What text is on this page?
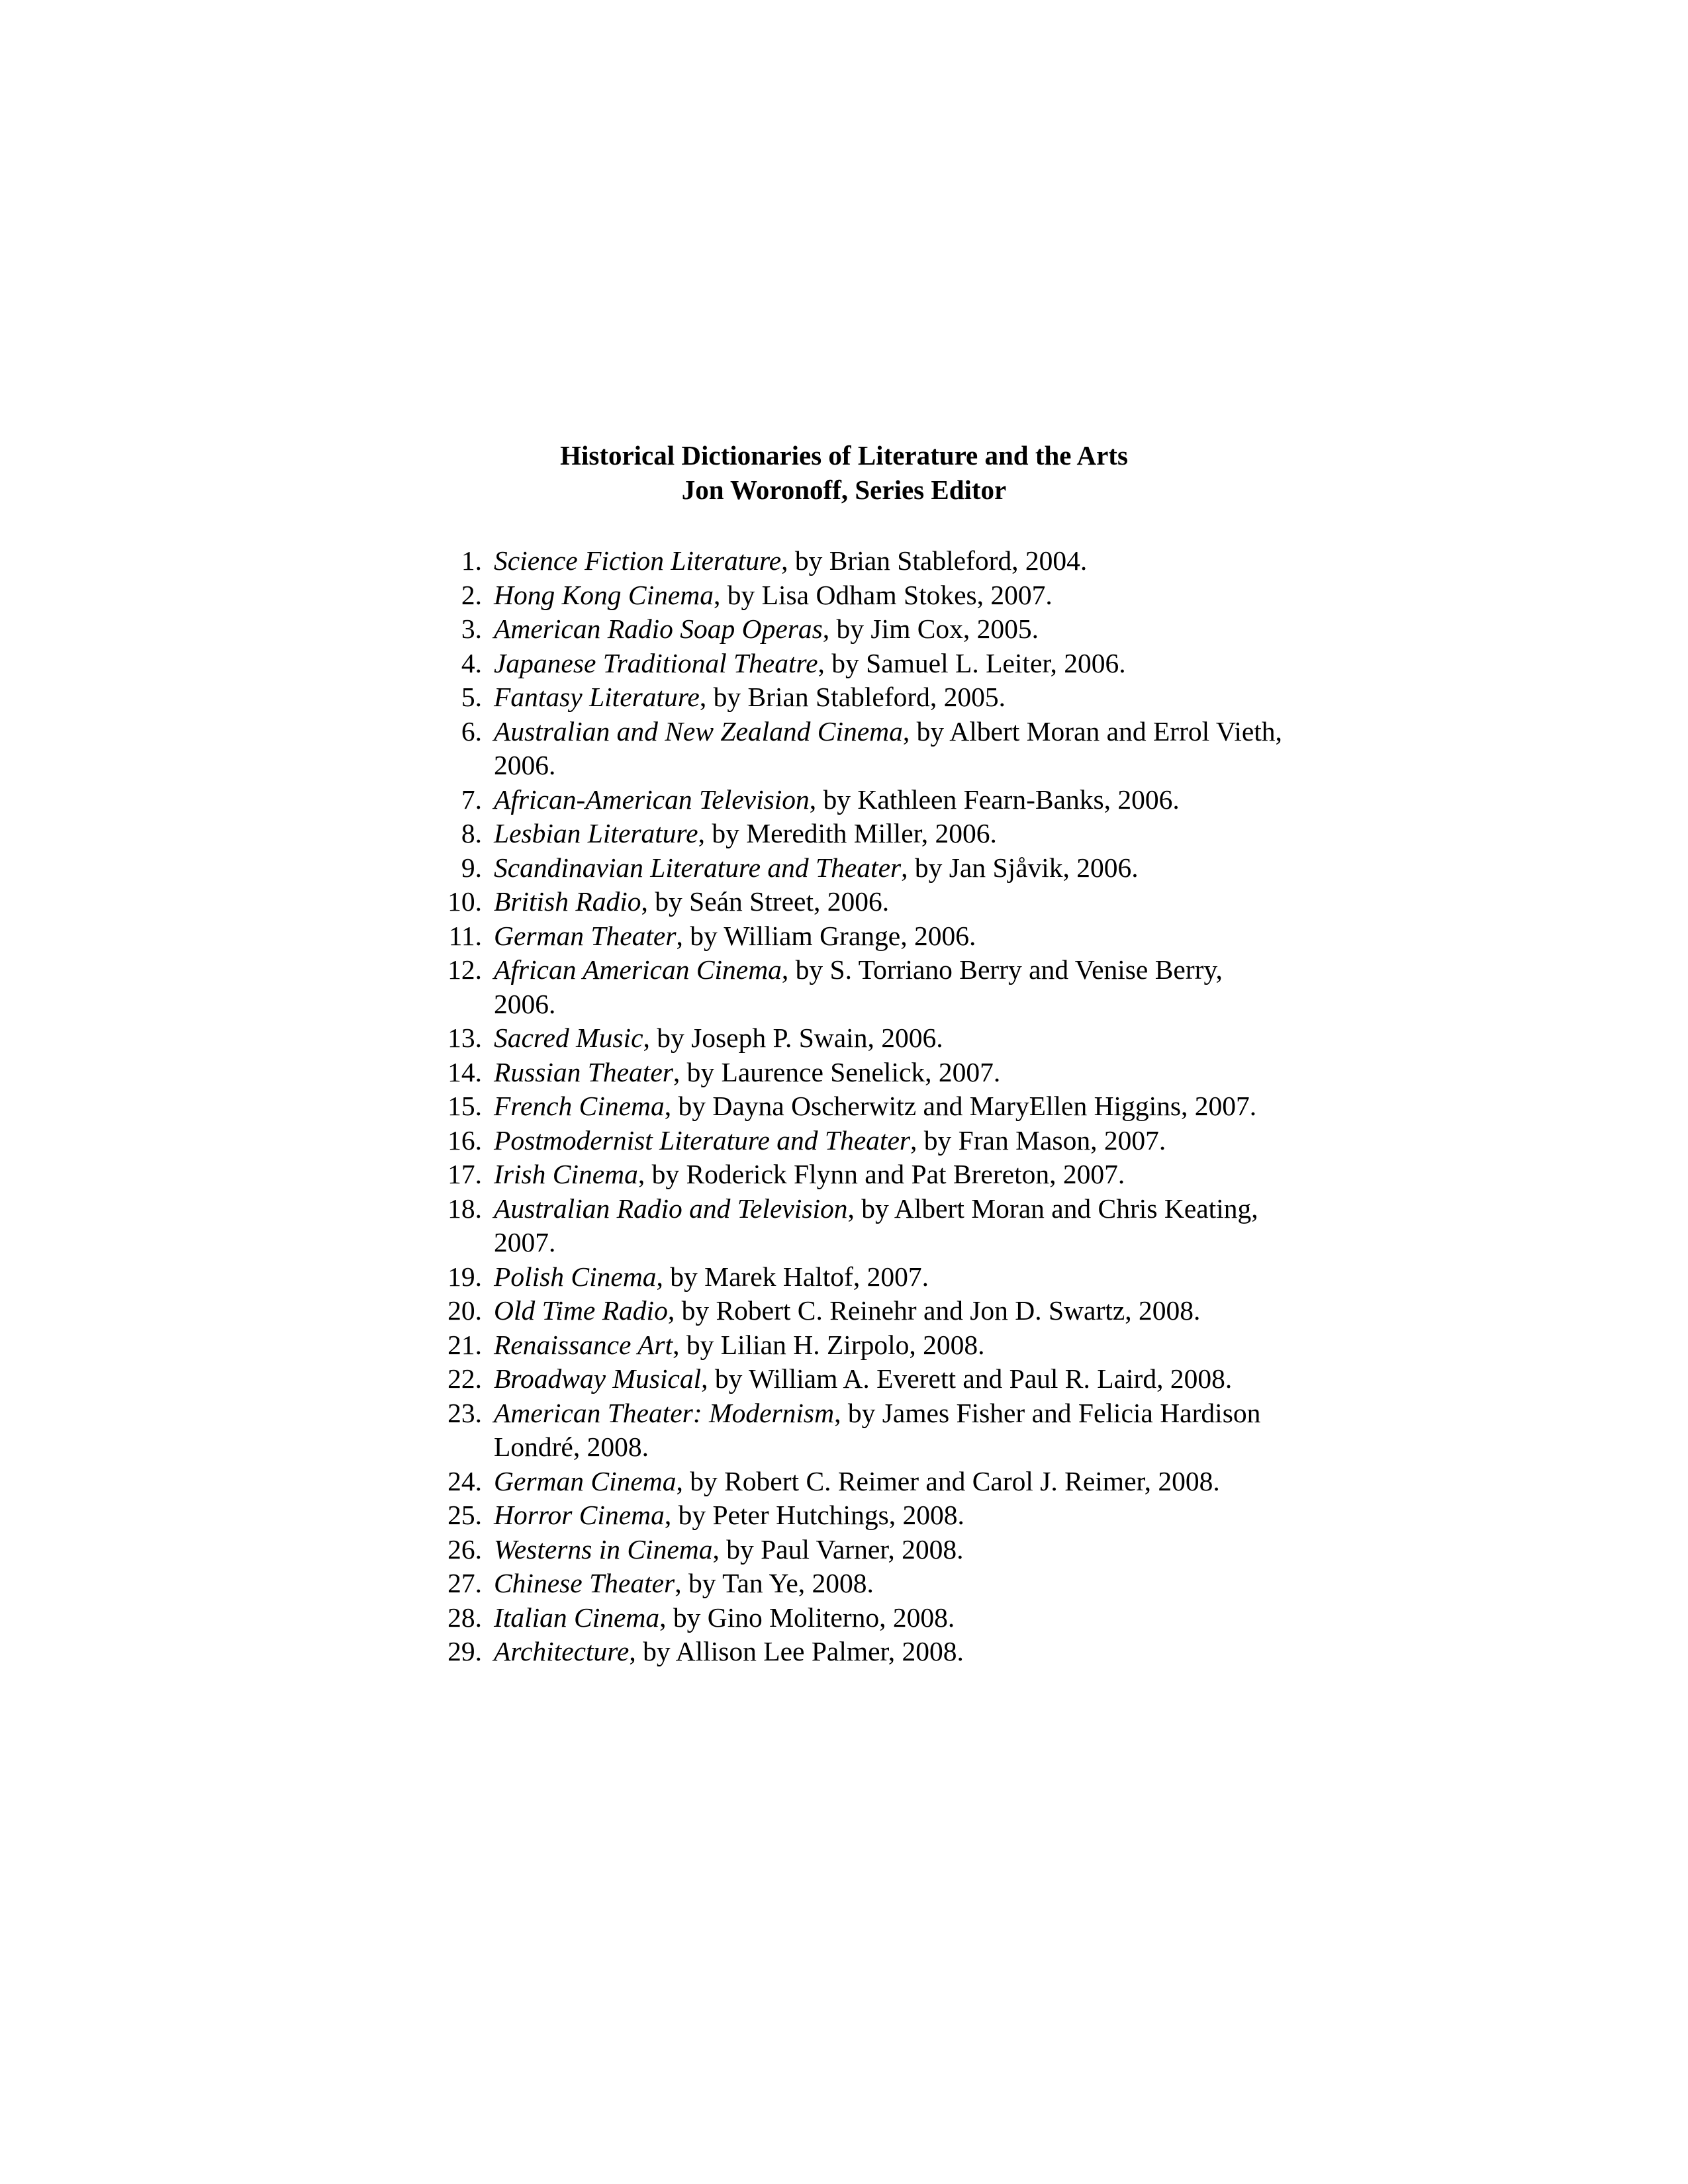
Historical Dictionaries of Literature and the Arts
Jon Woronoff, Series Editor
1. Science Fiction Literature, by Brian Stableford, 2004.
2. Hong Kong Cinema, by Lisa Odham Stokes, 2007.
3. American Radio Soap Operas, by Jim Cox, 2005.
4. Japanese Traditional Theatre, by Samuel L. Leiter, 2006.
5. Fantasy Literature, by Brian Stableford, 2005.
6. Australian and New Zealand Cinema, by Albert Moran and Errol Vieth, 2006.
7. African-American Television, by Kathleen Fearn-Banks, 2006.
8. Lesbian Literature, by Meredith Miller, 2006.
9. Scandinavian Literature and Theater, by Jan Sjåvik, 2006.
10. British Radio, by Seán Street, 2006.
11. German Theater, by William Grange, 2006.
12. African American Cinema, by S. Torriano Berry and Venise Berry, 2006.
13. Sacred Music, by Joseph P. Swain, 2006.
14. Russian Theater, by Laurence Senelick, 2007.
15. French Cinema, by Dayna Oscherwitz and MaryEllen Higgins, 2007.
16. Postmodernist Literature and Theater, by Fran Mason, 2007.
17. Irish Cinema, by Roderick Flynn and Pat Brereton, 2007.
18. Australian Radio and Television, by Albert Moran and Chris Keating, 2007.
19. Polish Cinema, by Marek Haltof, 2007.
20. Old Time Radio, by Robert C. Reinehr and Jon D. Swartz, 2008.
21. Renaissance Art, by Lilian H. Zirpolo, 2008.
22. Broadway Musical, by William A. Everett and Paul R. Laird, 2008.
23. American Theater: Modernism, by James Fisher and Felicia Hardison Londré, 2008.
24. German Cinema, by Robert C. Reimer and Carol J. Reimer, 2008.
25. Horror Cinema, by Peter Hutchings, 2008.
26. Westerns in Cinema, by Paul Varner, 2008.
27. Chinese Theater, by Tan Ye, 2008.
28. Italian Cinema, by Gino Moliterno, 2008.
29. Architecture, by Allison Lee Palmer, 2008.
